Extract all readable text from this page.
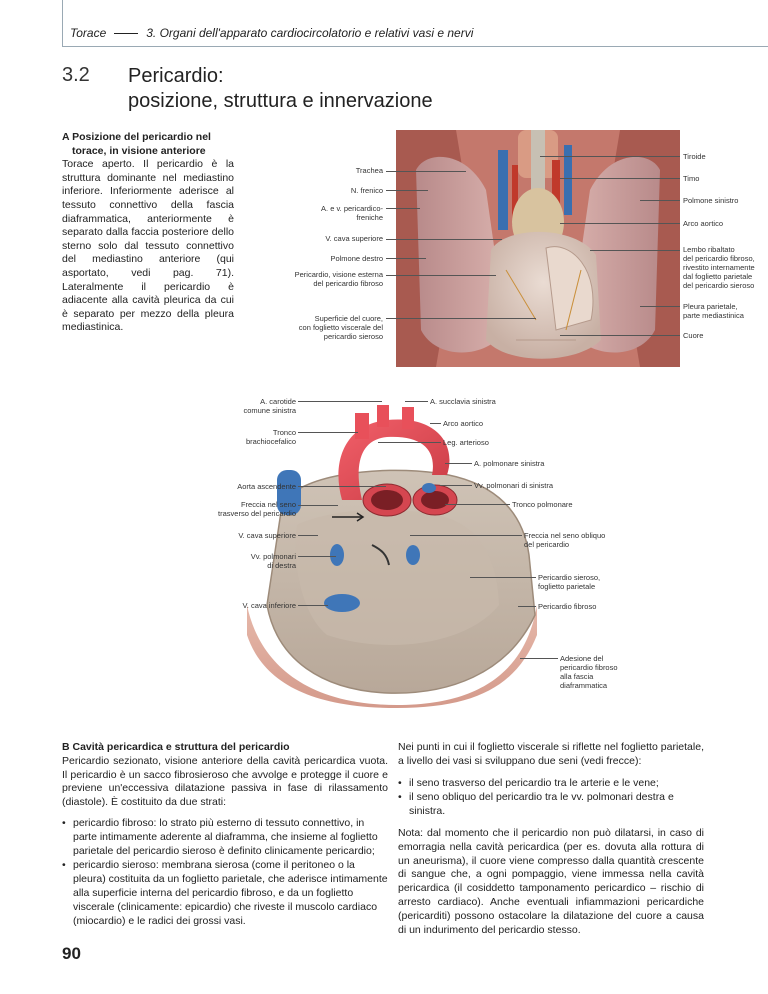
Torace	3. Organi dell'apparato cardiocircolatorio e relativi vasi e nervi
3.2 Pericardio:
posizione, struttura e innervazione
A Posizione del pericardio nel
torace, in visione anteriore
Torace aperto. Il pericardio è la struttura dominante nel mediastino inferiore. Inferiormente aderisce al tessuto connettivo della fascia diaframmatica, anteriormente è separato dalla faccia posteriore dello sterno solo dal tessuto connettivo del mediastino anteriore (qui asportato, vedi pag. 71). Lateralmente il pericardio è adiacente alla cavità pleurica da cui è separato per mezzo della pleura mediastinica.
Trachea
N. frenico
A. e v. pericardico-
freniche
V. cava superiore
Polmone destro
Pericardio, visione esterna
del pericardio fibroso
Superficie del cuore,
con foglietto viscerale del
pericardio sieroso
Tiroide
Timo
Polmone sinistro
Arco aortico
Lembo ribaltato
del pericardio fibroso,
rivestito internamente
dal foglietto parietale
del pericardio sieroso
Pleura parietale,
parte mediastinica
Cuore
A. carotide
comune sinistra
Tronco
brachiocefalico
Aorta ascendente
Freccia nel seno
trasverso del pericardio
V. cava superiore
Vv. polmonari
di destra
V. cava inferiore
A. succlavia sinistra
Arco aortico
Leg. arterioso
A. polmonare sinistra
Vv. polmonari di sinistra
Tronco polmonare
Freccia nel seno obliquo
del pericardio
Pericardio sieroso,
foglietto parietale
Pericardio fibroso
Adesione del
pericardio fibroso
alla fascia
diaframmatica

B Cavità pericardica e struttura del pericardio

Pericardio sezionato, visione anteriore della cavità pericardica vuota. Il pericardio è un sacco fibrosieroso che avvolge e protegge il cuore e previene un'eccessiva dilatazione passiva in fase di rilassamento (diastole). È costituito da due strati:

• pericardio fibroso: lo strato più esterno di tessuto connettivo, in parte intimamente aderente al diaframma, che insieme al foglietto parietale del pericardio sieroso è definito clinicamente pericardio;
• pericardio sieroso: membrana sierosa (come il peritoneo o la pleura) costituita da un foglietto parietale, che aderisce intimamente alla superficie interna del pericardio fibroso, e da un foglietto viscerale (clinicamente: epicardio) che riveste il muscolo cardiaco (miocardio) e le radici dei grossi vasi.

Nei punti in cui il foglietto viscerale si riflette nel foglietto parietale, a livello dei vasi si sviluppano due seni (vedi frecce):

• il seno trasverso del pericardio tra le arterie e le vene;
• il seno obliquo del pericardio tra le vv. polmonari destra e sinistra.

Nota: dal momento che il pericardio non può dilatarsi, in caso di emorragia nella cavità pericardica (per es. dovuta alla rottura di un aneurisma), il cuore viene compresso dalla quantità crescente di sangue che, a ogni pompaggio, viene immessa nella cavità pericardica (il cosiddetto tamponamento pericardico – rischio di arresto cardiaco). Anche eventuali infiammazioni pericardiche (pericarditi) possono ostacolare la dilatazione del cuore a causa di un indurimento del pericardio stesso.

90
